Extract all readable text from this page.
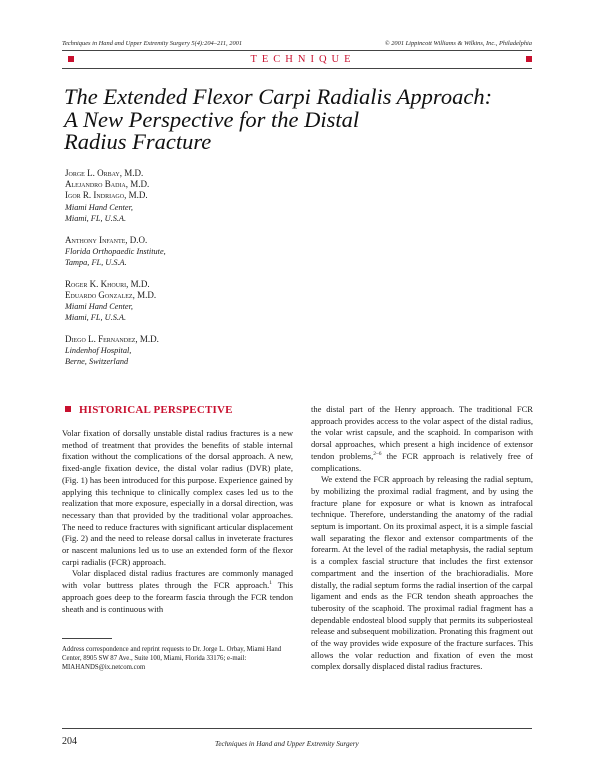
Techniques in Hand and Upper Extremity Surgery 5(4):204–211, 2001	© 2001 Lippincott Williams & Wilkins, Inc., Philadelphia
TECHNIQUE
The Extended Flexor Carpi Radialis Approach:
A New Perspective for the Distal
Radius Fracture
Jorge L. Orbay, M.D.
Alejandro Badia, M.D.
Igor R. Indriago, M.D.
Miami Hand Center,
Miami, FL, U.S.A.
Anthony Infante, D.O.
Florida Orthopaedic Institute,
Tampa, FL, U.S.A.
Roger K. Khouri, M.D.
Eduardo Gonzalez, M.D.
Miami Hand Center,
Miami, FL, U.S.A.
Diego L. Fernandez, M.D.
Lindenhof Hospital,
Berne, Switzerland
HISTORICAL PERSPECTIVE

Volar fixation of dorsally unstable distal radius fractures is a new method of treatment that provides the benefits of stable internal fixation without the complications of the dorsal approach. A new, fixed-angle fixation device, the distal volar radius (DVR) plate, (Fig. 1) has been introduced for this purpose. Experience gained by applying this technique to clinically complex cases led us to the realization that more exposure, especially in a dorsal direction, was necessary than that provided by the traditional volar approaches. The need to reduce fractures with significant articular displacement (Fig. 2) and the need to release dorsal callus in inveterate fractures or nascent malunions led us to use an extended form of the flexor carpi radialis (FCR) approach.

Volar displaced distal radius fractures are commonly managed with volar buttress plates through the FCR approach.$^1$ This approach goes deep to the forearm fascia through the FCR tendon sheath and is continuous with

the distal part of the Henry approach. The traditional FCR approach provides access to the volar aspect of the distal radius, the volar wrist capsule, and the scaphoid. In comparison with dorsal approaches, which present a high incidence of extensor tendon problems,$^{2-6}$ the FCR approach is relatively free of complications.

We extend the FCR approach by releasing the radial septum, by mobilizing the proximal radial fragment, and by using the fracture plane for exposure or what is known as intrafocal technique. Therefore, understanding the anatomy of the radial septum is important. On its proximal aspect, it is a simple fascial wall separating the flexor and extensor compartments of the forearm. At the level of the radial metaphysis, the radial septum is a complex fascial structure that includes the first extensor compartment and the insertion of the brachioradialis. More distally, the radial septum forms the radial insertion of the carpal ligament and ends as the FCR tendon sheath approaches the tuberosity of the scaphoid. The proximal radial fragment has a dependable endosteal blood supply that permits its subperiosteal release and subsequent mobilization. Pronating this fragment out of the way provides wide exposure of the fracture surfaces. This allows the volar reduction and fixation of even the most complex dorsally displaced distal radius fractures.

Address correspondence and reprint requests to Dr. Jorge L. Orbay, Miami Hand Center, 8905 SW 87 Ave., Suite 100, Miami, Florida 33176; e-mail: MIAHANDS@ix.netcom.com
204	Techniques in Hand and Upper Extremity Surgery
